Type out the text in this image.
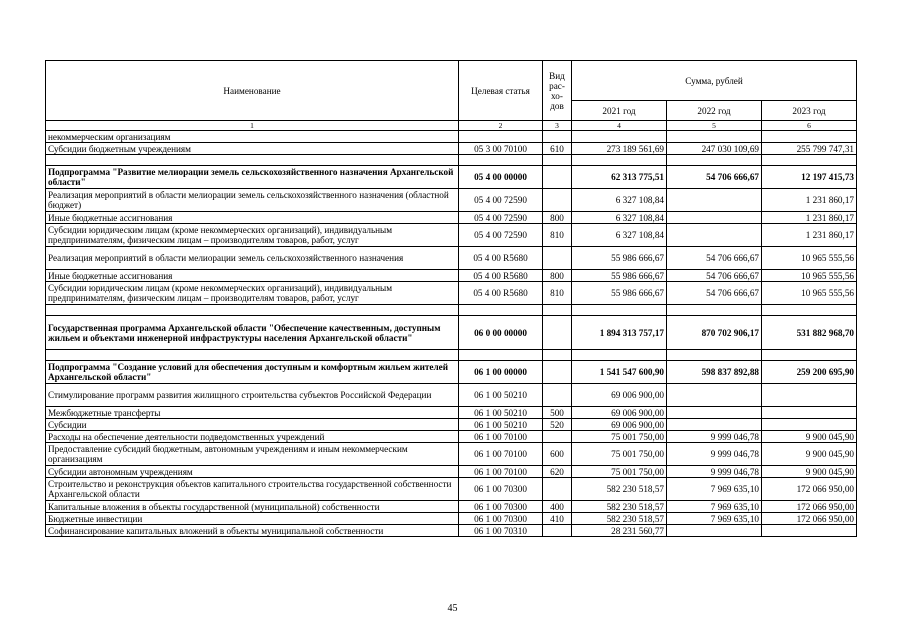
Наименование	Целевая статья	Вид рас-хо-дов	Сумма, рублей		
			2021 год	2022 год	2023 год
1	2	3	4	5	6
некоммерческим организациям					
Субсидии бюджетным учреждениям	05 3 00 70100	610	273 189 561,69	247 030 109,69	255 799 747,31

Подпрограмма "Развитие мелиорации земель сельскохозяйственного назначения Архангельской области"	05 4 00 00000		62 313 775,51	54 706 666,67	12 197 415,73
Реализация мероприятий в области мелиорации земель сельскохозяйственного назначения (областной бюджет)	05 4 00 72590		6 327 108,84		1 231 860,17
Иные бюджетные ассигнования	05 4 00 72590	800	6 327 108,84		1 231 860,17
Субсидии юридическим лицам (кроме некоммерческих организаций), индивидуальным предпринимателям, физическим лицам – производителям товаров, работ, услуг	05 4 00 72590	810	6 327 108,84		1 231 860,17
Реализация мероприятий в области мелиорации земель сельскохозяйственного назначения	05 4 00 R5680		55 986 666,67	54 706 666,67	10 965 555,56
Иные бюджетные ассигнования	05 4 00 R5680	800	55 986 666,67	54 706 666,67	10 965 555,56
Субсидии юридическим лицам (кроме некоммерческих организаций), индивидуальным предпринимателям, физическим лицам – производителям товаров, работ, услуг	05 4 00 R5680	810	55 986 666,67	54 706 666,67	10 965 555,56

Государственная программа Архангельской области "Обеспечение качественным, доступным жильем и объектами инженерной инфраструктуры населения Архангельской области"	06 0 00 00000		1 894 313 757,17	870 702 906,17	531 882 968,70

Подпрограмма "Создание условий для обеспечения доступным и комфортным жильем жителей Архангельской области"	06 1 00 00000		1 541 547 600,90	598 837 892,88	259 200 695,90
Стимулирование программ развития жилищного строительства субъектов Российской Федерации	06 1 00 50210		69 006 900,00		
Межбюджетные трансферты	06 1 00 50210	500	69 006 900,00		
Субсидии	06 1 00 50210	520	69 006 900,00		
Расходы на обеспечение деятельности подведомственных учреждений	06 1 00 70100		75 001 750,00	9 999 046,78	9 900 045,90
Предоставление субсидий бюджетным, автономным учреждениям и иным некоммерческим организациям	06 1 00 70100	600	75 001 750,00	9 999 046,78	9 900 045,90
Субсидии автономным учреждениям	06 1 00 70100	620	75 001 750,00	9 999 046,78	9 900 045,90
Строительство и реконструкция объектов капитального строительства государственной собственности Архангельской области	06 1 00 70300		582 230 518,57	7 969 635,10	172 066 950,00
Капитальные вложения в объекты государственной (муниципальной) собственности	06 1 00 70300	400	582 230 518,57	7 969 635,10	172 066 950,00
Бюджетные инвестиции	06 1 00 70300	410	582 230 518,57	7 969 635,10	172 066 950,00
Софинансирование капитальных вложений в объекты муниципальной собственности	06 1 00 70310		28 231 560,77		
45
